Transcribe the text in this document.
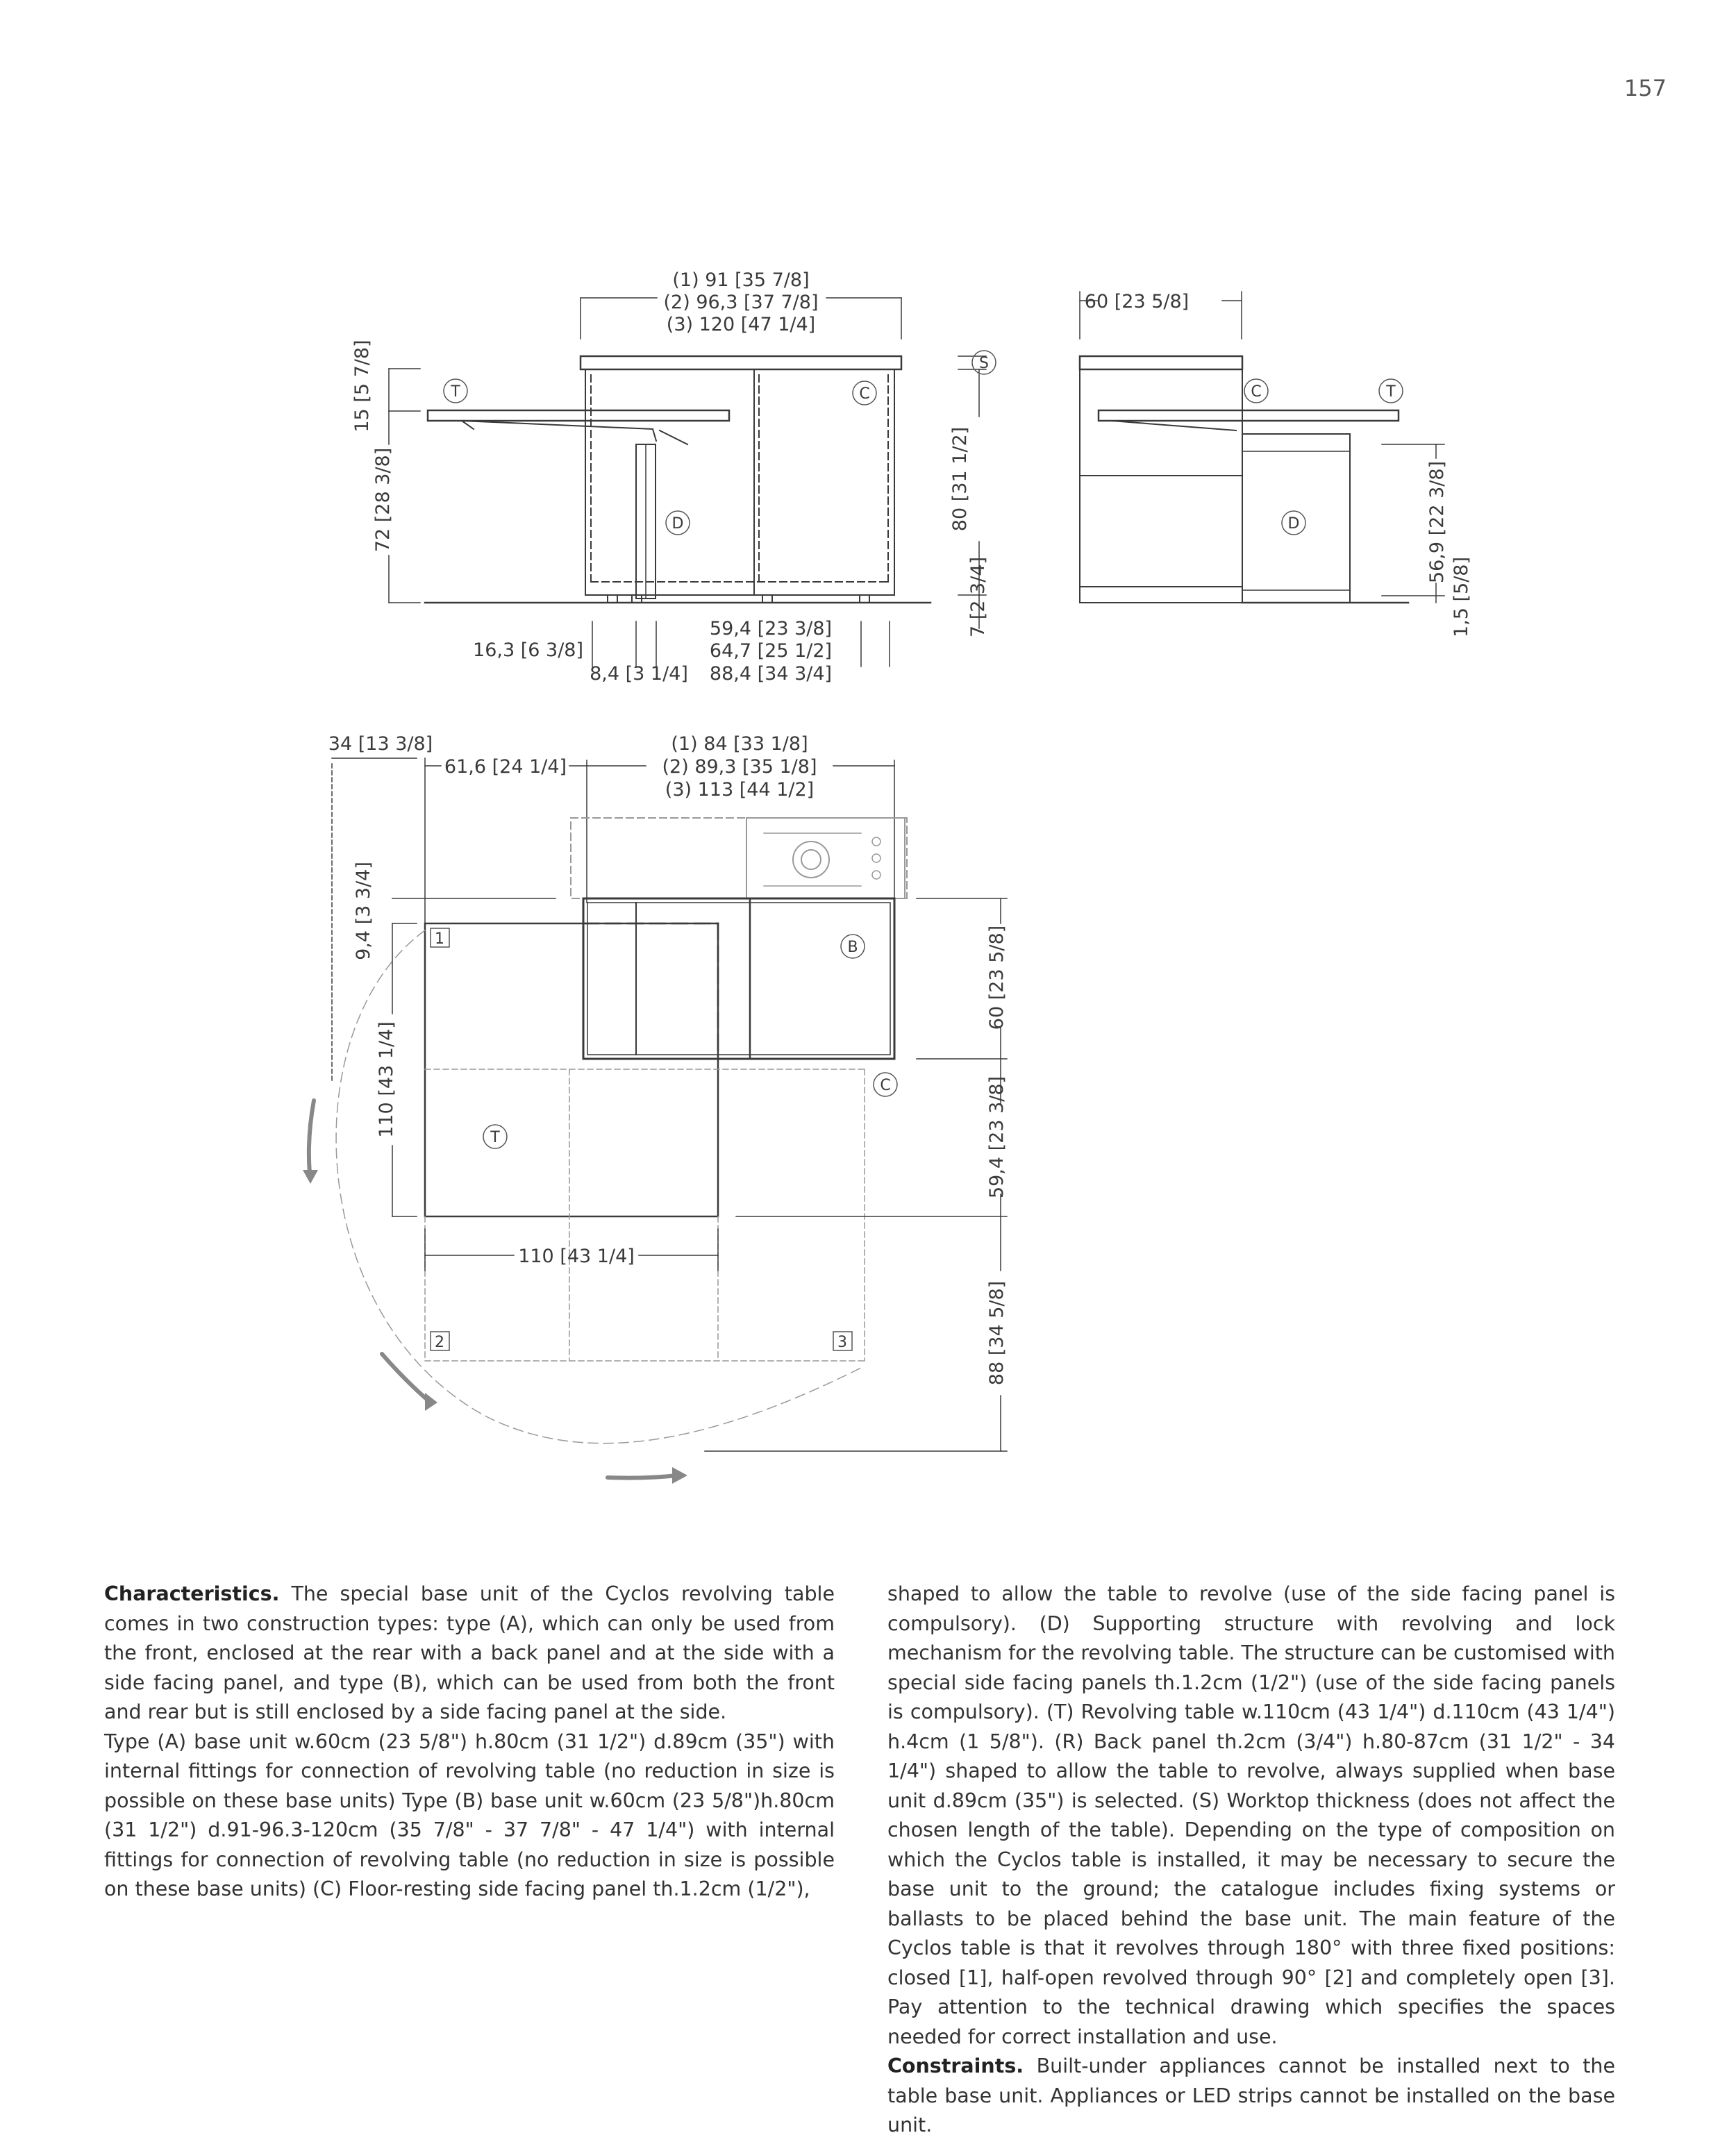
157
(1) 91 [35 7/8]
(2) 96,3 [37 7/8]
(3) 120 [47 1/4]
15 [5 7/8]
72 [28 3/8]	80 [31 1/2]
7 [2 3/4]
16,3 [6 3/8]
8,4 [3 1/4]
59,4 [23 3/8]
64,7 [25 1/2]
88,4 [34 3/4]
T	C
D
S
60 [23 5/8]
56,9 [22 3/8]
1,5 [5/8]
C	T
D
34 [13 3/8]
61,6 [24 1/4]
(1) 84 [33 1/8]
(2) 89,3 [35 1/8]
(3) 113 [44 1/2]
9,4 [3 3/4]
110 [43 1/4]
110 [43 1/4]
60 [23 5/8]
59,4 [23 3/8]
88 [34 5/8]
B
C
T
1
2	3

Characteristics. The special base unit of the Cyclos revolving table comes in two construction types: type (A), which can only be used from the front, enclosed at the rear with a back panel and at the side with a side facing panel, and type (B), which can be used from both the front and rear but is still enclosed by a side facing panel at the side.

Type (A) base unit w.60cm (23 5/8") h.80cm (31 1/2") d.89cm (35") with internal fittings for connection of revolving table (no reduction in size is possible on these base units) Type (B) base unit w.60cm (23 5/8")h.80cm (31 1/2") d.91-96.3-120cm (35 7/8" - 37 7/8" - 47 1/4") with internal fittings for connection of revolving table (no reduction in size is possible on these base units) (C) Floor-resting side facing panel th.1.2cm (1/2"),

shaped to allow the table to revolve (use of the side facing panel is compulsory). (D) Supporting structure with revolving and lock mechanism for the revolving table. The structure can be customised with special side facing panels th.1.2cm (1/2") (use of the side facing panels is compulsory). (T) Revolving table w.110cm (43 1/4") d.110cm (43 1/4") h.4cm (1 5/8"). (R) Back panel th.2cm (3/4") h.80-87cm (31 1/2" - 34 1/4") shaped to allow the table to revolve, always supplied when base unit d.89cm (35") is selected. (S) Worktop thickness (does not affect the chosen length of the table). Depending on the type of composition on which the Cyclos table is installed, it may be necessary to secure the base unit to the ground; the catalogue includes fixing systems or ballasts to be placed behind the base unit. The main feature of the Cyclos table is that it revolves through 180° with three fixed positions: closed [1], half-open revolved through 90° [2] and completely open [3]. Pay attention to the technical drawing which specifies the spaces needed for correct installation and use.

Constraints. Built-under appliances cannot be installed next to the table base unit. Appliances or LED strips cannot be installed on the base unit.
